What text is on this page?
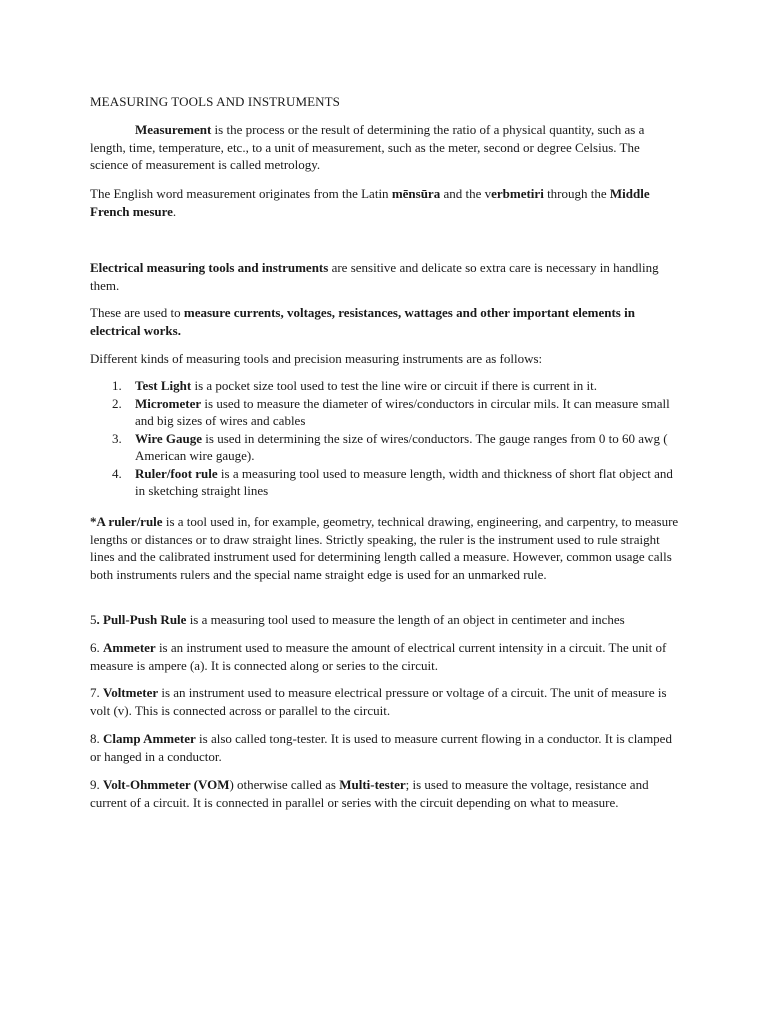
MEASURING TOOLS AND INSTRUMENTS

Measurement is the process or the result of determining the ratio of a physical quantity, such as a length, time, temperature, etc., to a unit of measurement, such as the meter, second or degree Celsius. The science of measurement is called metrology.

The English word measurement originates from the Latin mēnsūra and the verbmetiri through the Middle French mesure.

Electrical measuring tools and instruments are sensitive and delicate so extra care is necessary in handling them.

These are used to measure currents, voltages, resistances, wattages and other important elements in electrical works.

Different kinds of measuring tools and precision measuring instruments are as follows:

1. Test Light is a pocket size tool used to test the line wire or circuit if there is current in it.
2. Micrometer is used to measure the diameter of wires/conductors in circular mils. It can measure small and big sizes of wires and cables
3. Wire Gauge is used in determining the size of wires/conductors. The gauge ranges from 0 to 60 awg ( American wire gauge).
4. Ruler/foot rule is a measuring tool used to measure length, width and thickness of short flat object and in sketching straight lines

*A ruler/rule is a tool used in, for example, geometry, technical drawing, engineering, and carpentry, to measure lengths or distances or to draw straight lines. Strictly speaking, the ruler is the instrument used to rule straight lines and the calibrated instrument used for determining length called a measure. However, common usage calls both instruments rulers and the special name straight edge is used for an unmarked rule.

5. Pull-Push Rule is a measuring tool used to measure the length of an object in centimeter and inches

6. Ammeter is an instrument used to measure the amount of electrical current intensity in a circuit. The unit of measure is ampere (a). It is connected along or series to the circuit.

7. Voltmeter is an instrument used to measure electrical pressure or voltage of a circuit. The unit of measure is volt (v). This is connected across or parallel to the circuit.

8. Clamp Ammeter is also called tong-tester. It is used to measure current flowing in a conductor. It is clamped or hanged in a conductor.

9. Volt-Ohmmeter (VOM) otherwise called as Multi-tester; is used to measure the voltage, resistance and current of a circuit. It is connected in parallel or series with the circuit depending on what to measure.
